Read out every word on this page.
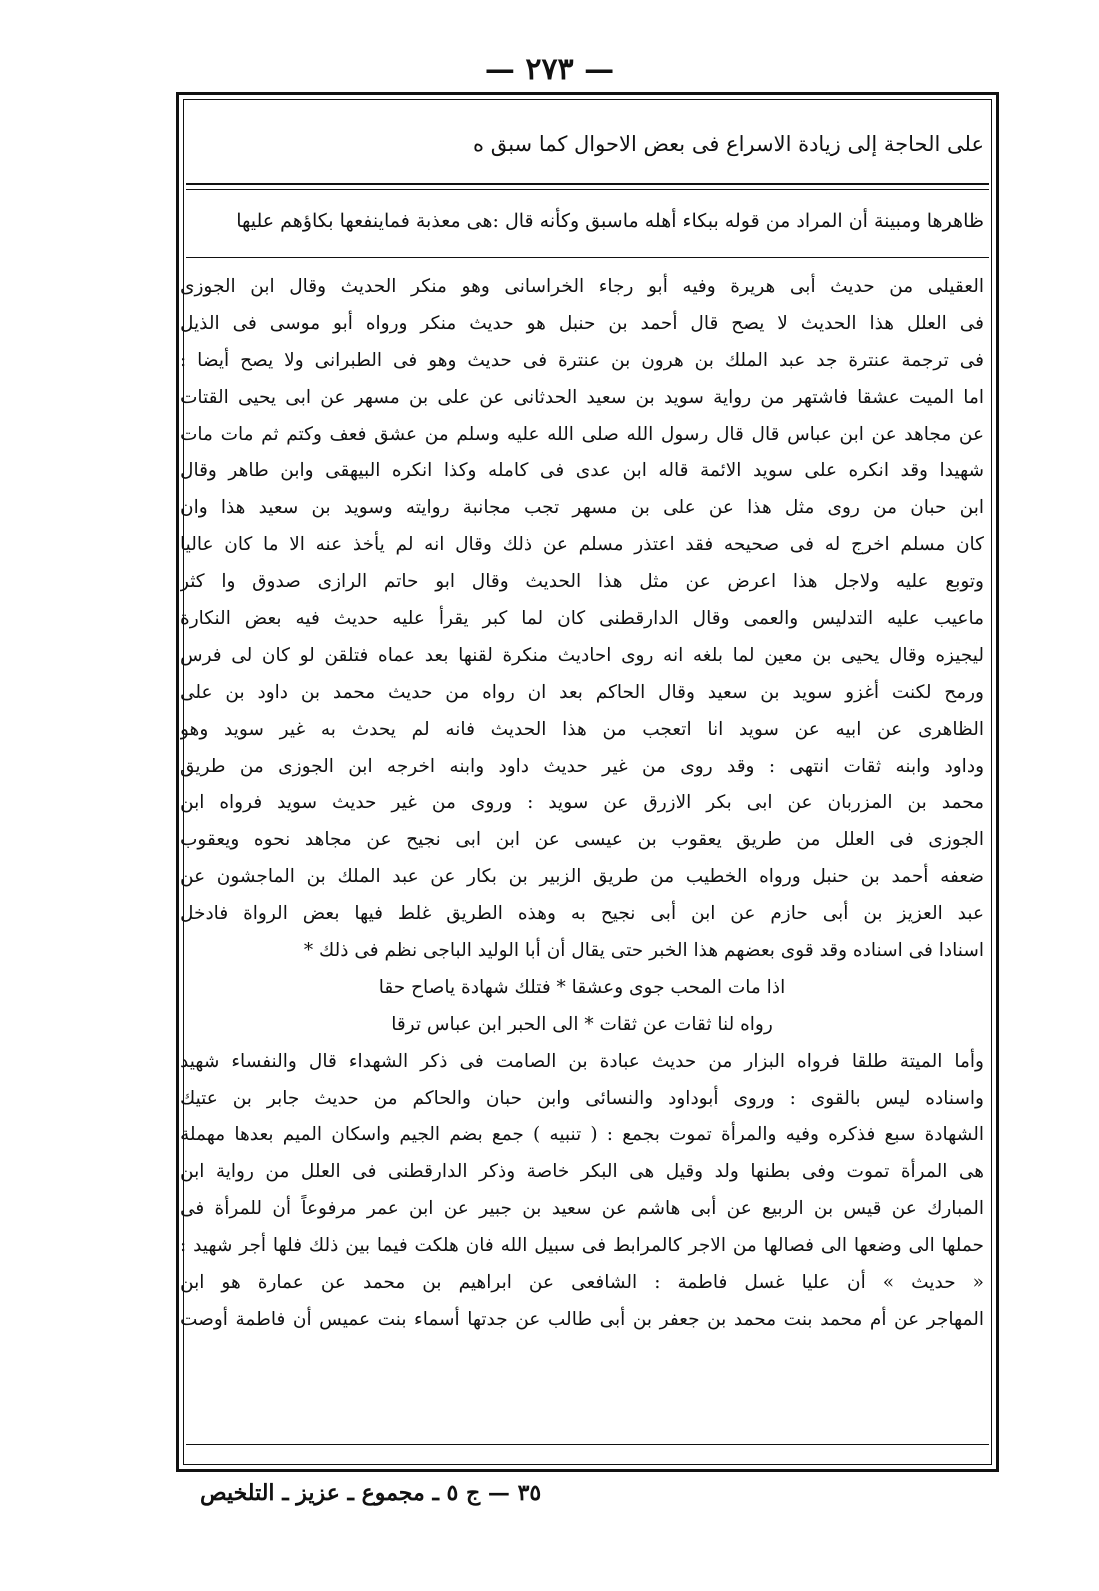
— ٢٧٣ —
على الحاجة إلى زيادة الاسراع فى بعض الاحوال كما سبق ه
ظاهرها ومبينة أن المراد من قوله ببكاء أهله ماسبق وكأنه قال :هى معذبة فماينفعها بكاؤهم عليها
العقيلى من حديث أبى هريرة وفيه أبو رجاء الخراسانى وهو منكر الحديث وقال ابن الجوزى
فى العلل هذا الحديث لا يصح قال أحمد بن حنبل هو حديث منكر ورواه أبو موسى فى الذيل
فى ترجمة عنترة جد عبد الملك بن هرون بن عنترة فى حديث وهو فى الطبرانى ولا يصح أيضا :
اما الميت عشقا فاشتهر من رواية سويد بن سعيد الحدثانى عن على بن مسهر عن ابى يحيى القتات
عن مجاهد عن ابن عباس قال قال رسول الله صلى الله عليه وسلم من عشق فعف وكتم ثم مات مات
شهيدا وقد انكره على سويد الائمة قاله ابن عدى فى كامله وكذا انكره البيهقى وابن طاهر وقال
ابن حبان من روى مثل هذا عن على بن مسهر تجب مجانبة روايته وسويد بن سعيد هذا وان
كان مسلم اخرج له فى صحيحه فقد اعتذر مسلم عن ذلك وقال انه لم يأخذ عنه الا ما كان عاليا
وتوبع عليه ولاجل هذا اعرض عن مثل هذا الحديث وقال ابو حاتم الرازى صدوق وا كثر
ماعيب عليه التدليس والعمى وقال الدارقطنى كان لما كبر يقرأ عليه حديث فيه بعض النكارة
ليجيزه وقال يحيى بن معين لما بلغه انه روى احاديث منكرة لقنها بعد عماه فتلقن لو كان لى فرس
ورمح لكنت أغزو سويد بن سعيد وقال الحاكم بعد ان رواه من حديث محمد بن داود بن على
الظاهرى عن ابيه عن سويد انا اتعجب من هذا الحديث فانه لم يحدث به غير سويد وهو
وداود وابنه ثقات انتهى : وقد روى من غير حديث داود وابنه اخرجه ابن الجوزى من طريق
محمد بن المزربان عن ابى بكر الازرق عن سويد : وروى من غير حديث سويد فرواه ابن
الجوزى فى العلل من طريق يعقوب بن عيسى عن ابن ابى نجيح عن مجاهد نحوه ويعقوب
ضعفه أحمد بن حنبل ورواه الخطيب من طريق الزبير بن بكار عن عبد الملك بن الماجشون عن
عبد العزيز بن أبى حازم عن ابن أبى نجيح به وهذه الطريق غلط فيها بعض الرواة فادخل
اسنادا فى اسناده وقد قوى بعضهم هذا الخبر حتى يقال أن أبا الوليد الباجى نظم فى ذلك *
اذا مات المحب جوى وعشقا * فتلك شهادة ياصاح حقا
رواه لنا ثقات عن ثقات * الى الحبر ابن عباس ترقا
وأما الميتة طلقا فرواه البزار من حديث عبادة بن الصامت فى ذكر الشهداء قال والنفساء شهيد
واسناده ليس بالقوى : وروى أبوداود والنسائى وابن حبان والحاكم من حديث جابر بن عتيك
الشهادة سبع فذكره وفيه والمرأة تموت بجمع : ( تنبيه ) جمع بضم الجيم واسكان الميم بعدها مهملة
هى المرأة تموت وفى بطنها ولد وقيل هى البكر خاصة وذكر الدارقطنى فى العلل من رواية ابن
المبارك عن قيس بن الربيع عن أبى هاشم عن سعيد بن جبير عن ابن عمر مرفوعاً أن للمرأة فى
حملها الى وضعها الى فصالها من الاجر كالمرابط فى سبيل الله فان هلكت فيما بين ذلك فلها أجر شهيد :
« حديث » أن عليا غسل فاطمة : الشافعى عن ابراهيم بن محمد عن عمارة هو ابن
المهاجر عن أم محمد بنت محمد بن جعفر بن أبى طالب عن جدتها أسماء بنت عميس أن فاطمة أوصت
٣٥ — ج ٥ ـ مجموع ـ عزيز ـ التلخيص
